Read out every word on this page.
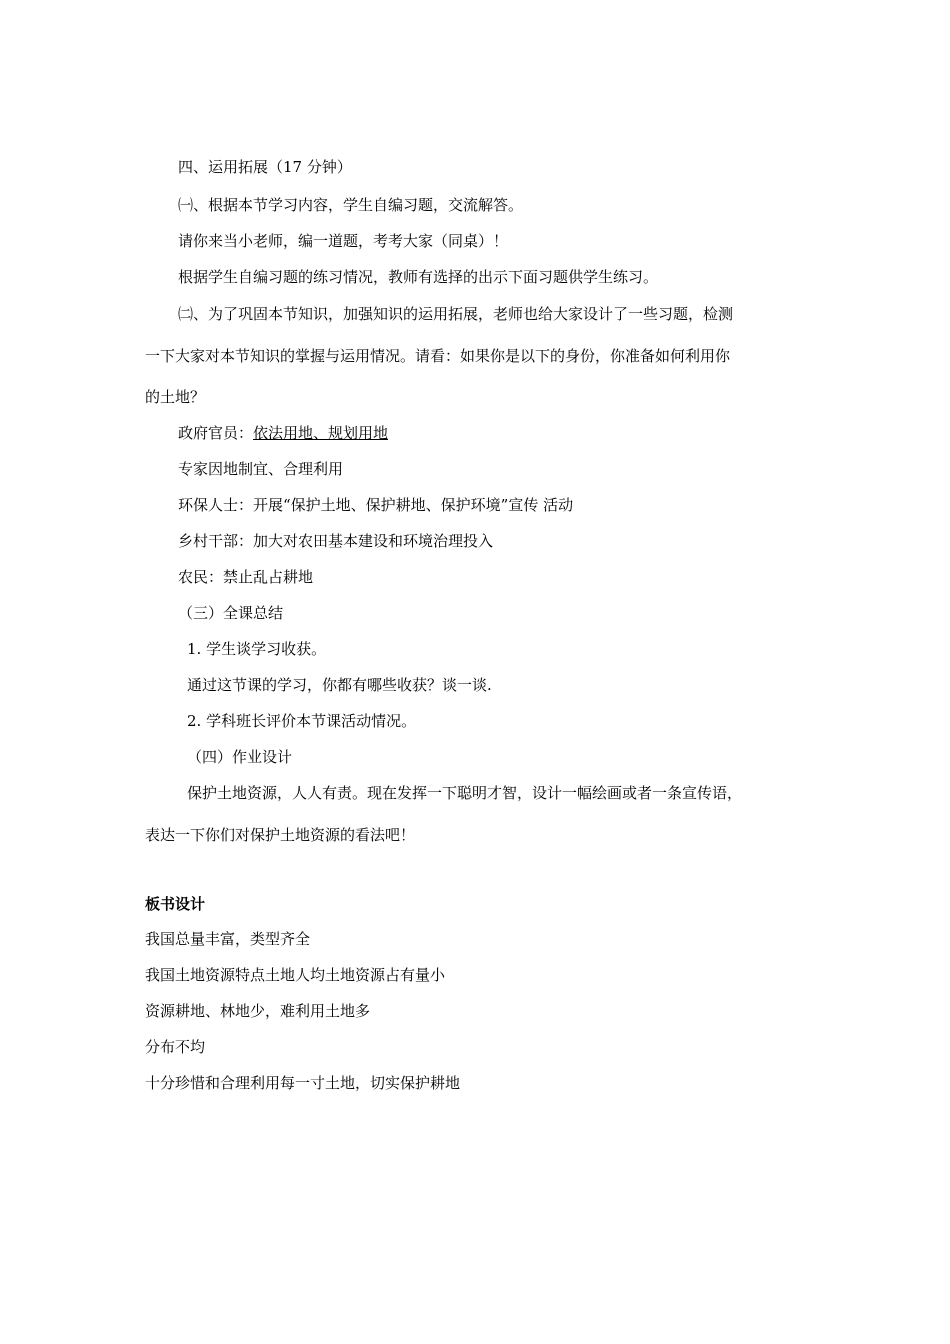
四、运用拓展（17 分钟）
㈠、根据本节学习内容，学生自编习题，交流解答。
请你来当小老师，编一道题，考考大家（同桌）！
根据学生自编习题的练习情况，教师有选择的出示下面习题供学生练习。
㈡、为了巩固本节知识，加强知识的运用拓展，老师也给大家设计了一些习题，检测
一下大家对本节知识的掌握与运用情况。请看：如果你是以下的身份，你准备如何利用你
的土地？
政府官员：依法用地、规划用地
专家因地制宜、合理利用
环保人士：开展“保护土地、保护耕地、保护环境”宣传 活动
乡村干部：加大对农田基本建设和环境治理投入
农民：禁止乱占耕地
（三）全课总结
1. 学生谈学习收获。
通过这节课的学习，你都有哪些收获？谈一谈.
2. 学科班长评价本节课活动情况。
（四）作业设计
保护土地资源，人人有责。现在发挥一下聪明才智，设计一幅绘画或者一条宣传语，
表达一下你们对保护土地资源的看法吧！
板书设计
我国总量丰富，类型齐全
我国土地资源特点土地人均土地资源占有量小
资源耕地、林地少，难利用土地多
分布不均
十分珍惜和合理利用每一寸土地，切实保护耕地
